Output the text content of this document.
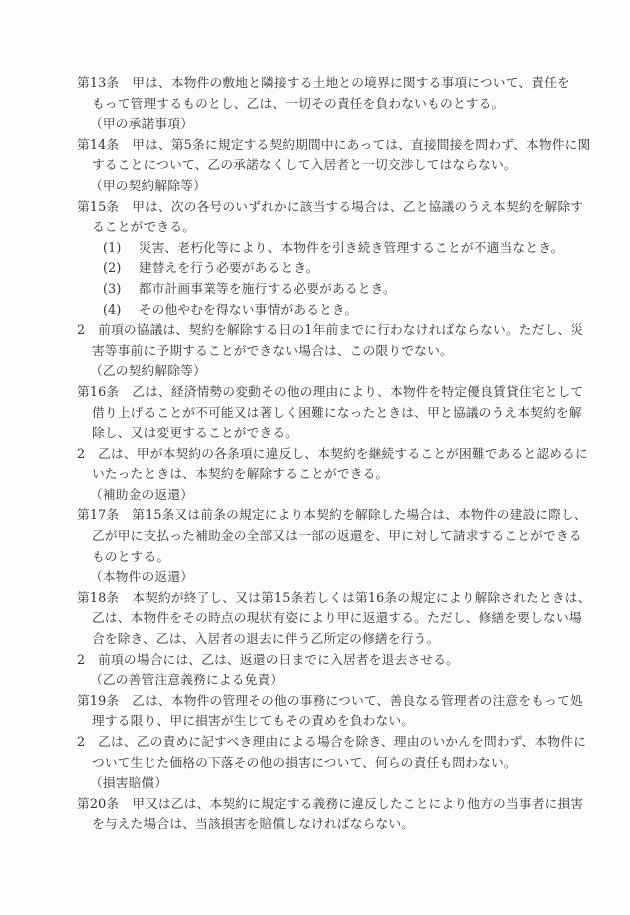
第13条　甲は、本物件の敷地と隣接する土地との境界に関する事項について、責任を
もって管理するものとし、乙は、一切その責任を負わないものとする。
（甲の承諾事項）
第14条　甲は、第5条に規定する契約期間中にあっては、直接間接を問わず、本物件に関
することについて、乙の承諾なくして入居者と一切交渉してはならない。
（甲の契約解除等）
第15条　甲は、次の各号のいずれかに該当する場合は、乙と協議のうえ本契約を解除す
ることができる。
(1)　 災害、老朽化等により、本物件を引き続き管理することが不適当なとき。
(2)　 建替えを行う必要があるとき。
(3)　 都市計画事業等を施行する必要があるとき。
(4)　 その他やむを得ない事情があるとき。
2　前項の協議は、契約を解除する日の1年前までに行わなければならない。ただし、災
害等事前に予期することができない場合は、この限りでない。
（乙の契約解除等）
第16条　乙は、経済情勢の変動その他の理由により、本物件を特定優良賃貸住宅として
借り上げることが不可能又は著しく困難になったときは、甲と協議のうえ本契約を解
除し、又は変更することができる。
2　乙は、甲が本契約の各条項に違反し、本契約を継続することが困難であると認めるに
いたったときは、本契約を解除することができる。
（補助金の返還）
第17条　第15条又は前条の規定により本契約を解除した場合は、本物件の建設に際し、
乙が甲に支払った補助金の全部又は一部の返還を、甲に対して請求することができる
ものとする。
（本物件の返還）
第18条　本契約が終了し、又は第15条若しくは第16条の規定により解除されたときは、
乙は、本物件をその時点の現状有姿により甲に返還する。ただし、修繕を要しない場
合を除き、乙は、入居者の退去に伴う乙所定の修繕を行う。
2　前項の場合には、乙は、返還の日までに入居者を退去させる。
（乙の善管注意義務による免責）
第19条　乙は、本物件の管理その他の事務について、善良なる管理者の注意をもって処
理する限り、甲に損害が生じてもその責めを負わない。
2　乙は、乙の責めに記すべき理由による場合を除き、理由のいかんを問わず、本物件に
ついて生じた価格の下落その他の損害について、何らの責任も問わない。
（損害賠償）
第20条　甲又は乙は、本契約に規定する義務に違反したことにより他方の当事者に損害
を与えた場合は、当該損害を賠償しなければならない。
